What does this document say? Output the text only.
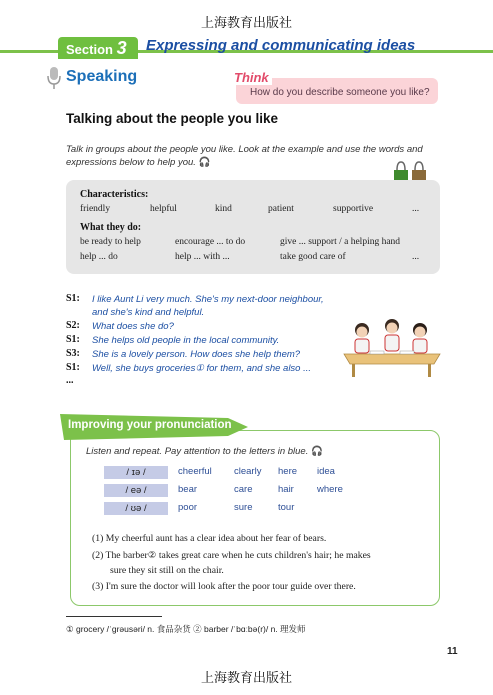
上海教育出版社
Section 3	Expressing and communicating ideas
Speaking	Think
How do you describe someone you like?
Talking about the people you like
Talk in groups about the people you like. Look at the example and use the words and expressions below to help you. 🎧
Characteristics:
friendly	helpful	kind	patient	supportive	...
What they do:
be ready to help	encourage ... to do	give ... support / a helping hand
help ... do	help ... with ...	take good care of	...
S1: I like Aunt Li very much. She's my next-door neighbour,
and she's kind and helpful.
S2: What does she do?
S1: She helps old people in the local community.
S3: She is a lovely person. How does she help them?
S1: Well, she buys groceries① for them, and she also ...
...
Improving your pronunciation
Listen and repeat. Pay attention to the letters in blue. 🎧
/ ɪə /	cheerful clearly here idea
/ eə /	bear	care	hair where
/ ʊə /	poor	sure	tour
(1) My cheerful aunt has a clear idea about her fear of bears.
(2) The barber② takes great care when he cuts children's hair; he makes
sure they sit still on the chair.
(3) I'm sure the doctor will look after the poor tour guide over there.
① grocery /ˈɡrəusəri/ n. 食品杂货 ② barber /ˈbɑːbə(r)/ n. 理发师
11
上海教育出版社
